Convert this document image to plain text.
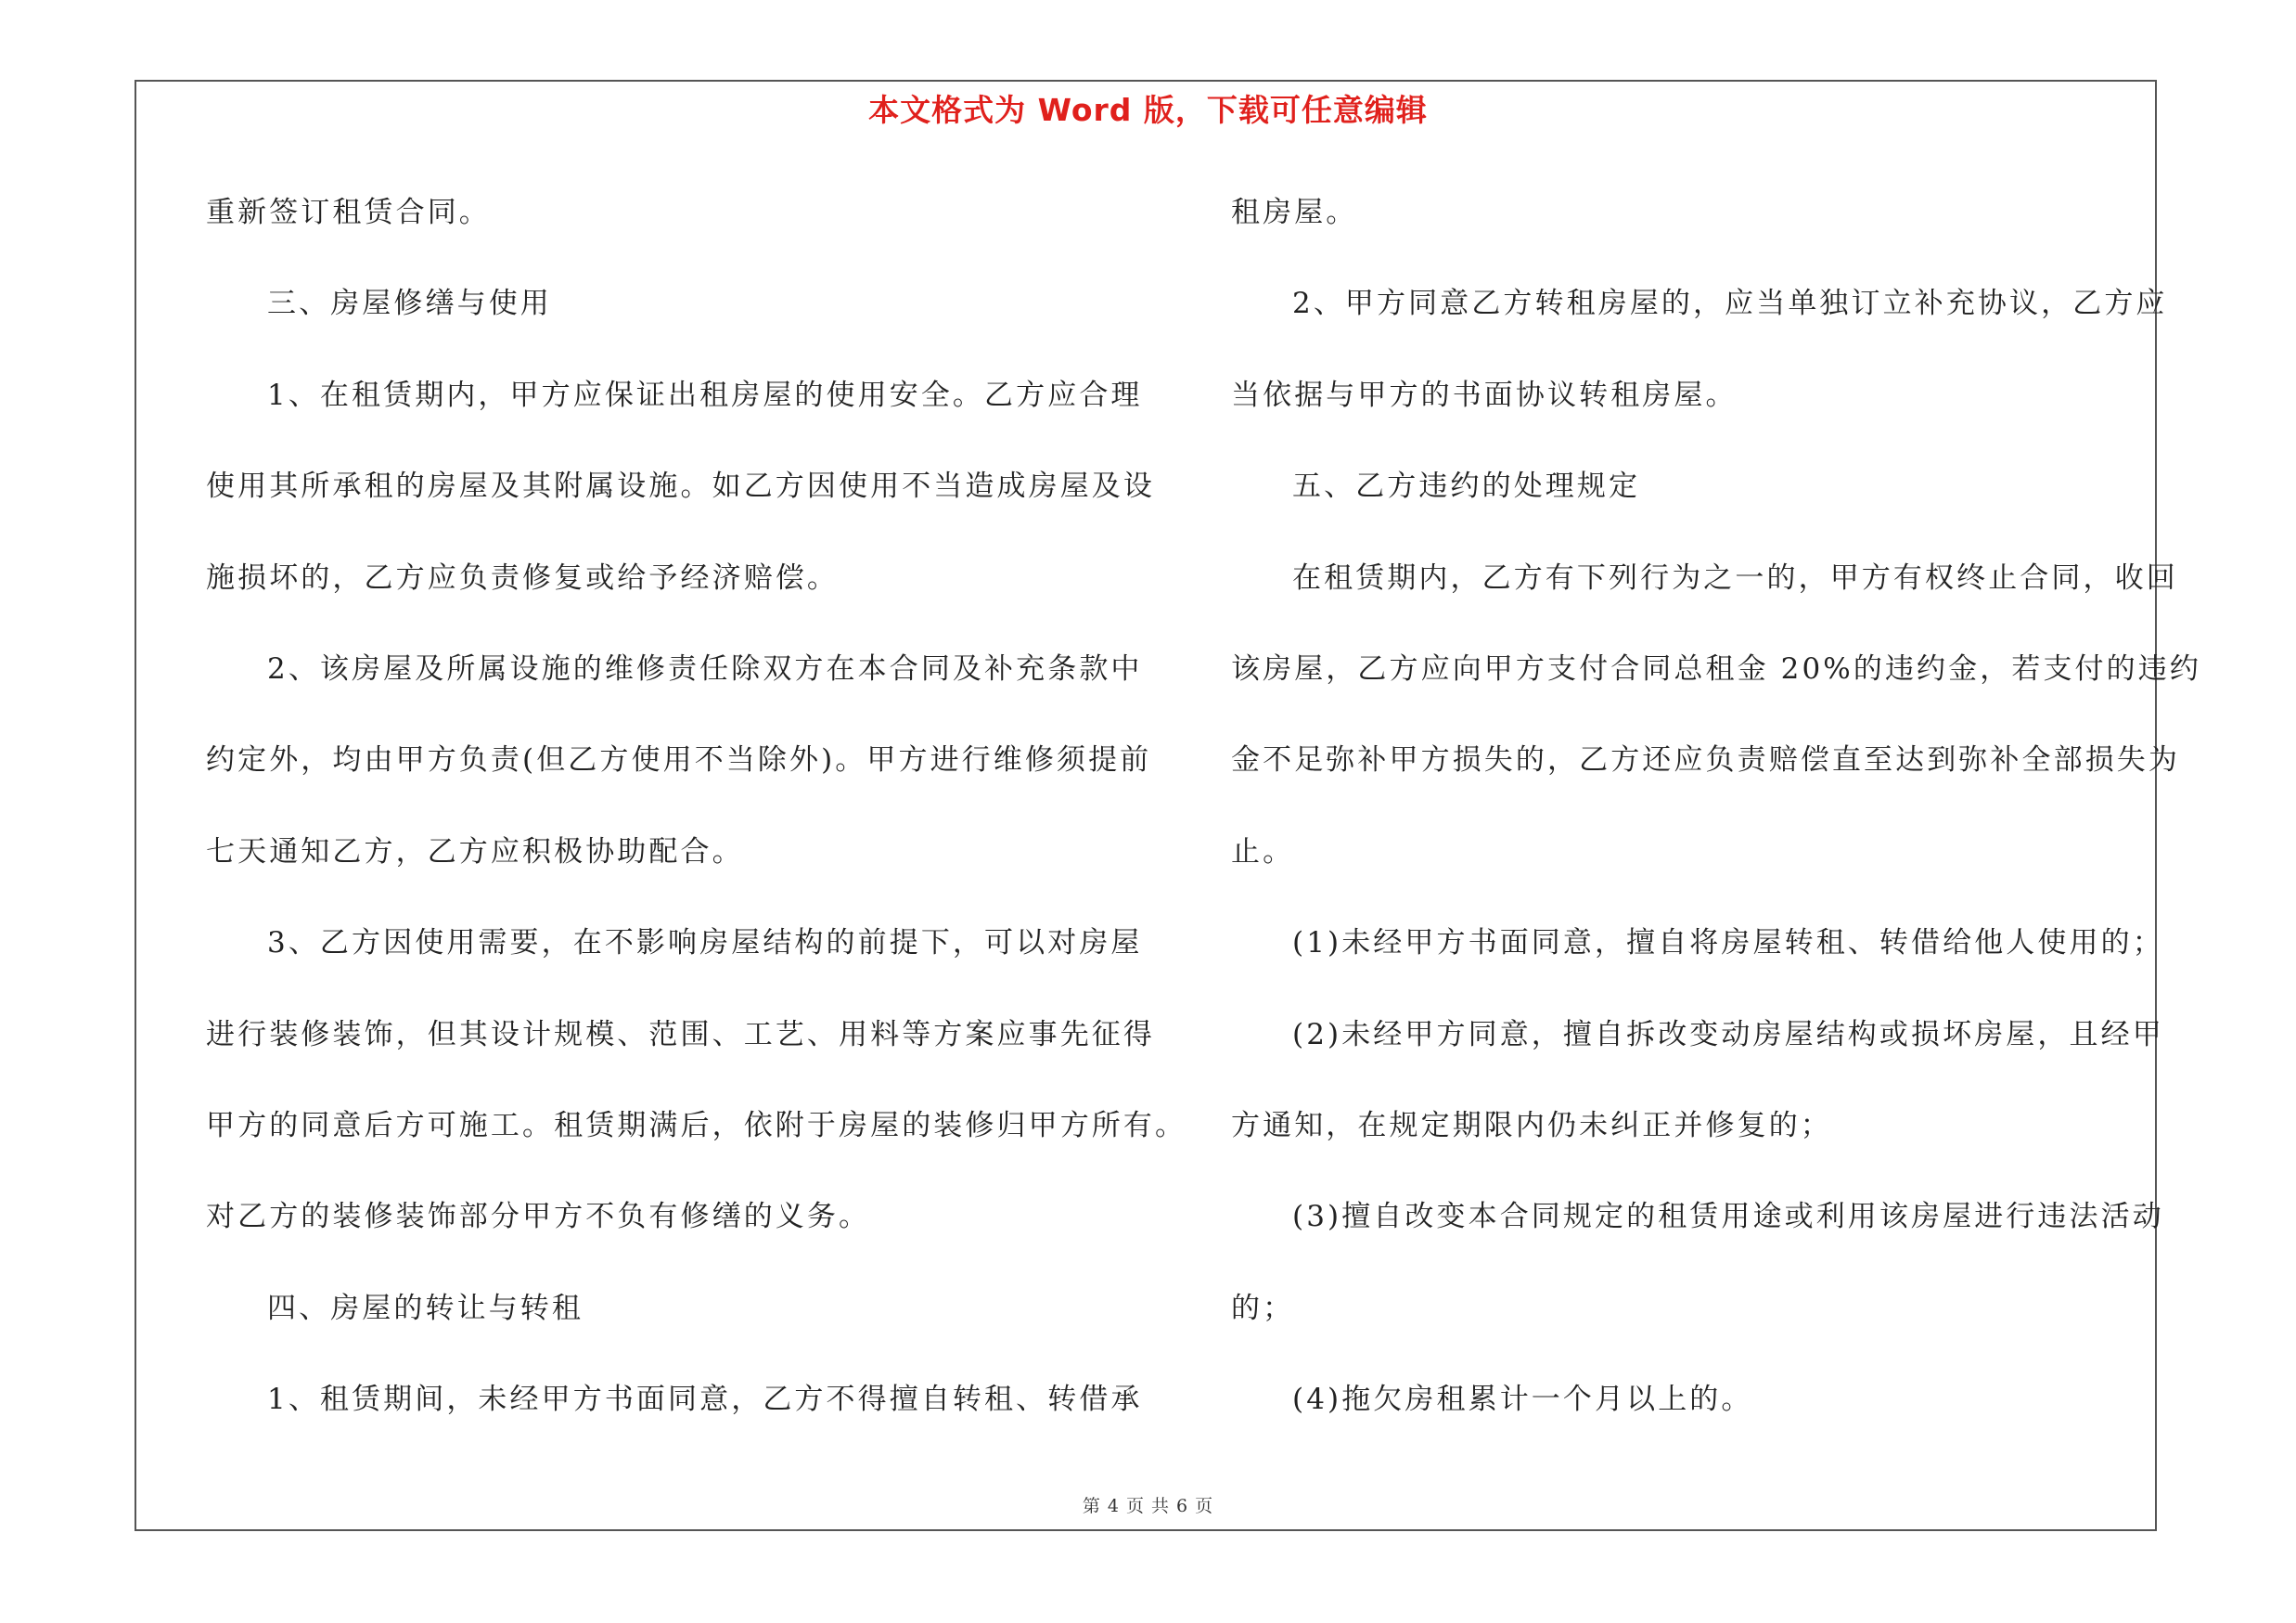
本文格式为 Word 版，下载可任意编辑
重新签订租赁合同。
三、房屋修缮与使用
1、在租赁期内，甲方应保证出租房屋的使用安全。乙方应合理
使用其所承租的房屋及其附属设施。如乙方因使用不当造成房屋及设
施损坏的，乙方应负责修复或给予经济赔偿。
2、该房屋及所属设施的维修责任除双方在本合同及补充条款中
约定外，均由甲方负责(但乙方使用不当除外)。甲方进行维修须提前
七天通知乙方，乙方应积极协助配合。
3、乙方因使用需要，在不影响房屋结构的前提下，可以对房屋
进行装修装饰，但其设计规模、范围、工艺、用料等方案应事先征得
甲方的同意后方可施工。租赁期满后，依附于房屋的装修归甲方所有。
对乙方的装修装饰部分甲方不负有修缮的义务。
四、房屋的转让与转租
1、租赁期间，未经甲方书面同意，乙方不得擅自转租、转借承
租房屋。
2、甲方同意乙方转租房屋的，应当单独订立补充协议，乙方应
当依据与甲方的书面协议转租房屋。
五、乙方违约的处理规定
在租赁期内，乙方有下列行为之一的，甲方有权终止合同，收回
该房屋，乙方应向甲方支付合同总租金 20%的违约金，若支付的违约
金不足弥补甲方损失的，乙方还应负责赔偿直至达到弥补全部损失为
止。
(1)未经甲方书面同意，擅自将房屋转租、转借给他人使用的；
(2)未经甲方同意，擅自拆改变动房屋结构或损坏房屋，且经甲
方通知，在规定期限内仍未纠正并修复的；
(3)擅自改变本合同规定的租赁用途或利用该房屋进行违法活动
的；
(4)拖欠房租累计一个月以上的。
第 4 页 共 6 页
